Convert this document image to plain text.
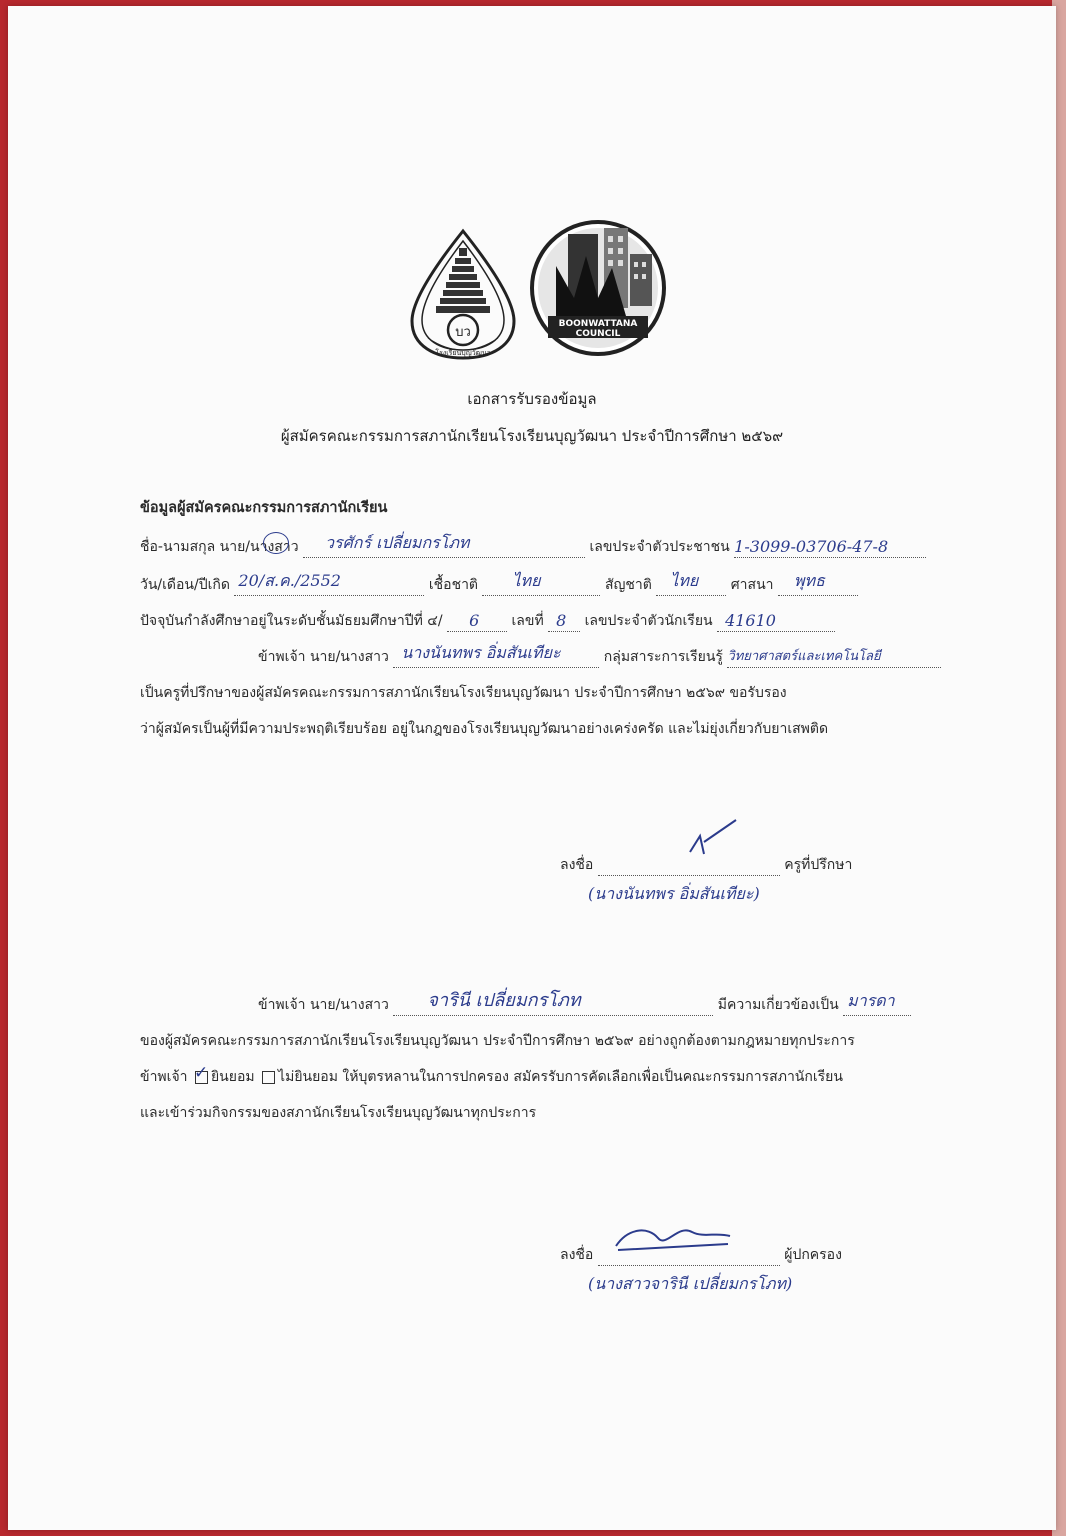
บว
โรงเรียนบุญวัฒนา
BOONWATTANA
COUNCIL
เอกสารรับรองข้อมูล
ผู้สมัครคณะกรรมการสภานักเรียนโรงเรียนบุญวัฒนา ประจำปีการศึกษา ๒๕๖๙
ข้อมูลผู้สมัครคณะกรรมการสภานักเรียน
ชื่อ-นามสกุล นาย/นางสาว วรศักร์ เปลี่ยมกรโภท	เลขประจำตัวประชาชน 1-3099-03706-47-8
วัน/เดือน/ปีเกิด 20/ส.ค./2552	เชื้อชาติ ไทย	สัญชาติ ไทย ศาสนา พุทธ
ปัจจุบันกำลังศึกษาอยู่ในระดับชั้นมัธยมศึกษาปีที่ ๔/ 6 เลขที่ 8 เลขประจำตัวนักเรียน 41610
ข้าพเจ้า นาย/นางสาว นางนันทพร อิ่มสันเทียะ	กลุ่มสาระการเรียนรู้ วิทยาศาสตร์และเทคโนโลยี
เป็นครูที่ปรึกษาของผู้สมัครคณะกรรมการสภานักเรียนโรงเรียนบุญวัฒนา ประจำปีการศึกษา ๒๕๖๙ ขอรับรอง
ว่าผู้สมัครเป็นผู้ที่มีความประพฤติเรียบร้อย อยู่ในกฎของโรงเรียนบุญวัฒนาอย่างเคร่งครัด และไม่ยุ่งเกี่ยวกับยาเสพติด
ลงชื่อ	ครูที่ปรึกษา
(นางนันทพร อิ่มสันเทียะ)
ข้าพเจ้า นาย/นางสาว จารินี เปลี่ยมกรโภท	มีความเกี่ยวข้องเป็น มารดา
ของผู้สมัครคณะกรรมการสภานักเรียนโรงเรียนบุญวัฒนา ประจำปีการศึกษา ๒๕๖๙ อย่างถูกต้องตามกฎหมายทุกประการ
ข้าพเจ้า ✓ ยินยอม ไม่ยินยอม ให้บุตรหลานในการปกครอง สมัครรับการคัดเลือกเพื่อเป็นคณะกรรมการสภานักเรียน
และเข้าร่วมกิจกรรมของสภานักเรียนโรงเรียนบุญวัฒนาทุกประการ
ลงชื่อ	ผู้ปกครอง
(นางสาวจารินี เปลี่ยมกรโภท)
